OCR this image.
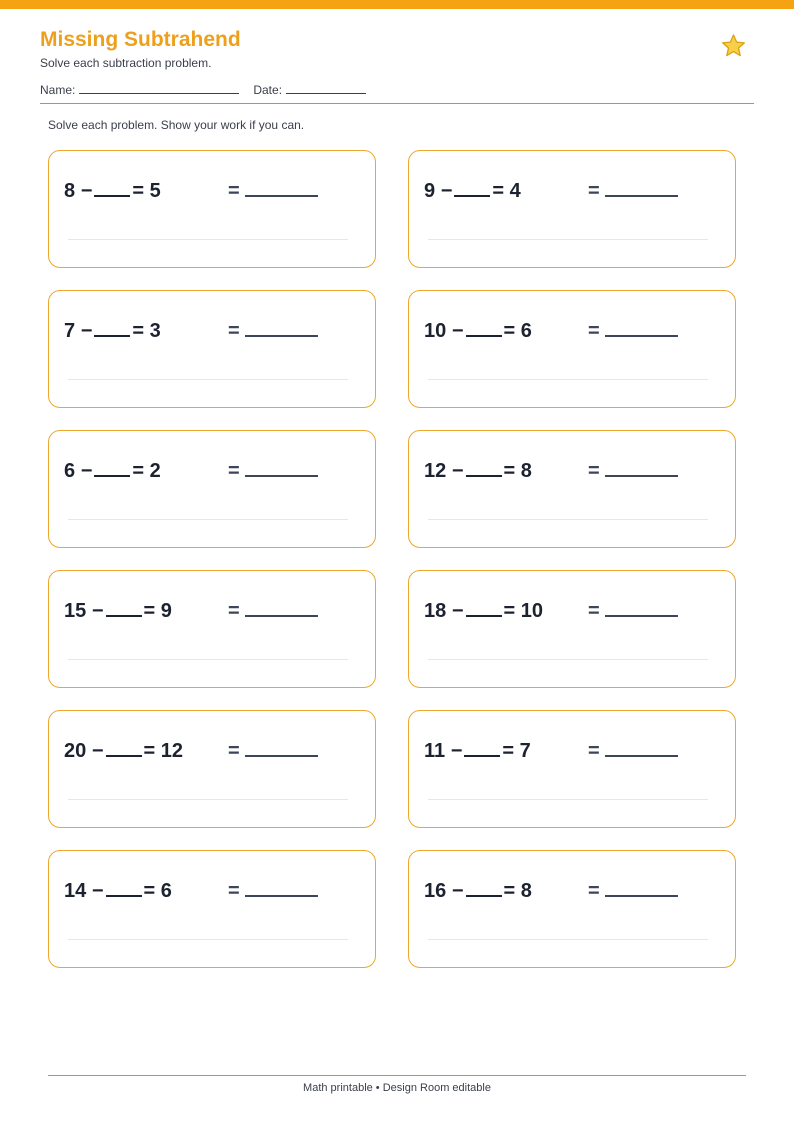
Missing Subtrahend
Solve each subtraction problem.
Name:	Date:
Solve each problem. Show your work if you can.
8 − = 5	=	9 − = 4	=
7 − = 3	=	10 − = 6	=
6 − = 2	=	12 − = 8	=
15 − = 9	=	18 − = 10 =
20 − = 12 =	11 − = 7	=
14 − = 6	=	16 − = 8	=
Math printable • Design Room editable
